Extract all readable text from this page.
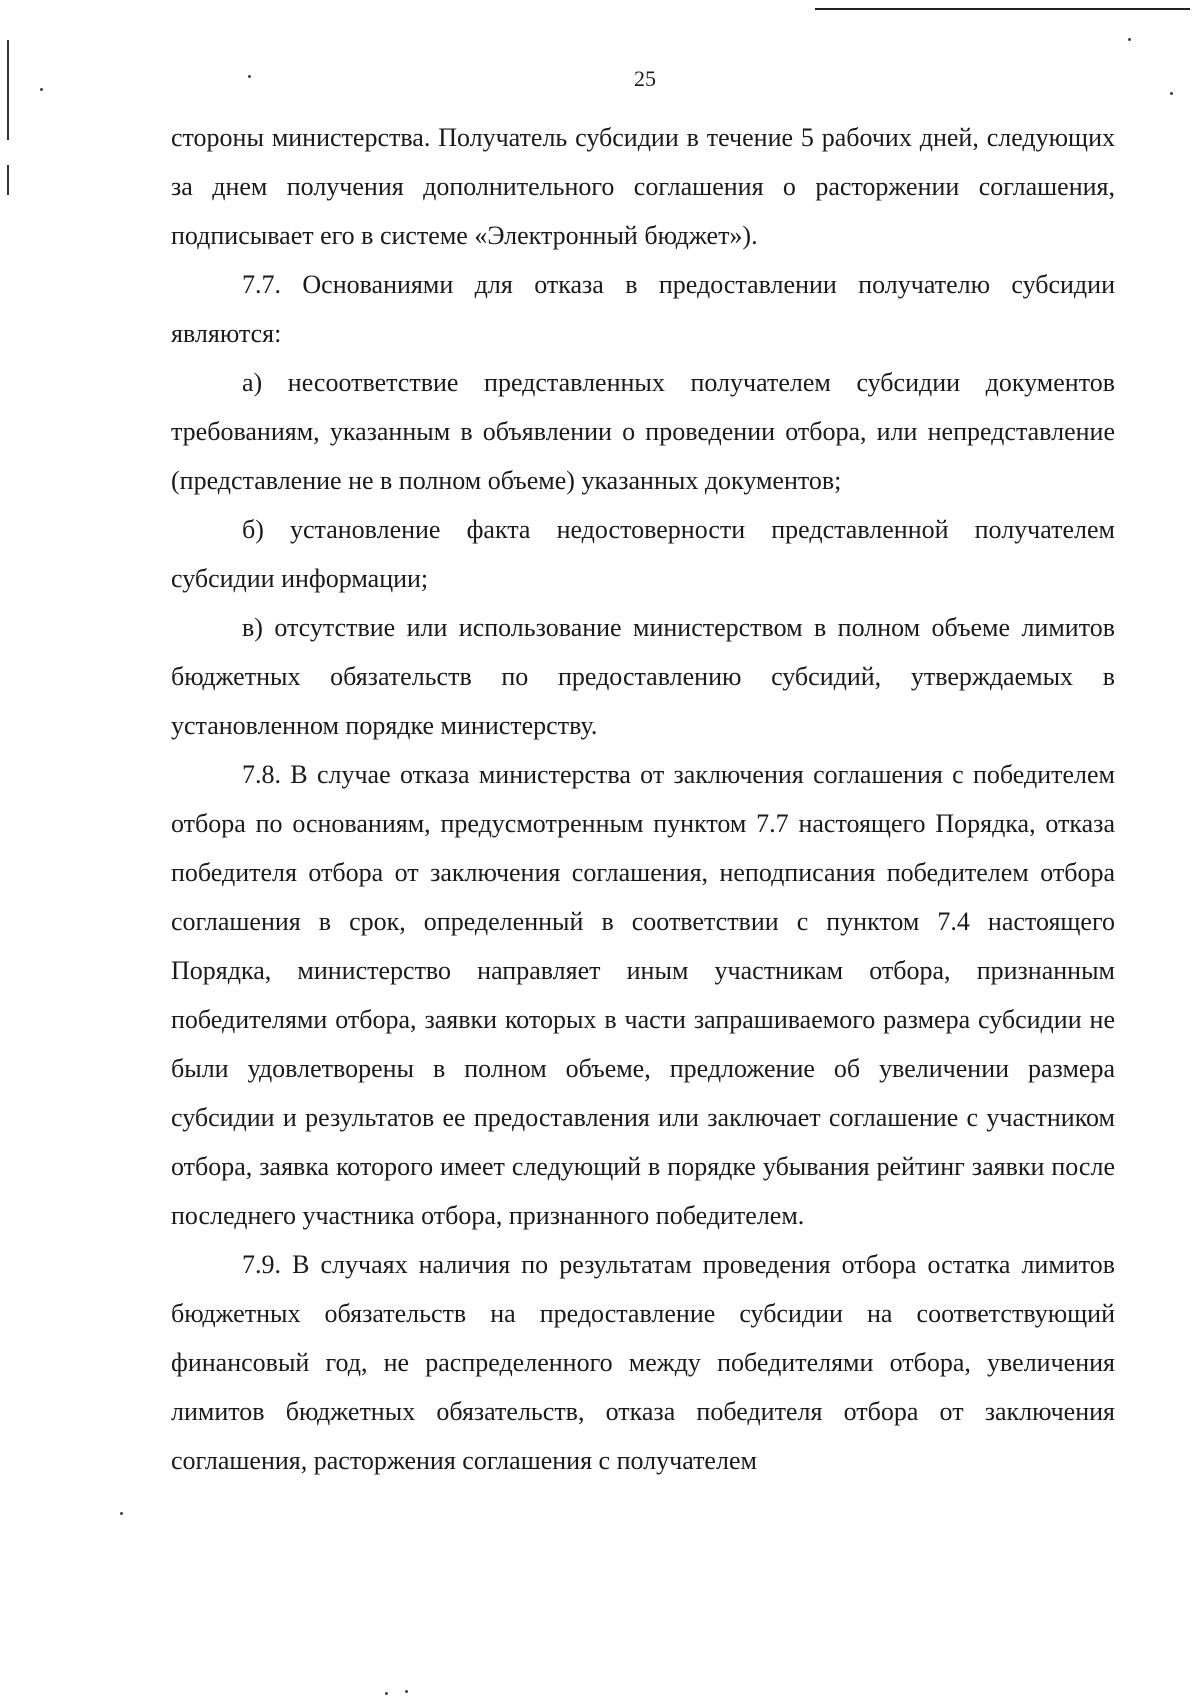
25

стороны министерства. Получатель субсидии в течение 5 рабочих дней, следующих за днем получения дополнительного соглашения о расторжении соглашения, подписывает его в системе «Электронный бюджет»).

7.7. Основаниями для отказа в предоставлении получателю субсидии являются:

а) несоответствие представленных получателем субсидии документов требованиям, указанным в объявлении о проведении отбора, или непредставление (представление не в полном объеме) указанных документов;

б) установление факта недостоверности представленной получателем субсидии информации;

в) отсутствие или использование министерством в полном объеме лимитов бюджетных обязательств по предоставлению субсидий, утверждаемых в установленном порядке министерству.

7.8. В случае отказа министерства от заключения соглашения с победителем отбора по основаниям, предусмотренным пунктом 7.7 настоящего Порядка, отказа победителя отбора от заключения соглашения, неподписания победителем отбора соглашения в срок, определенный в соответствии с пунктом 7.4 настоящего Порядка, министерство направляет иным участникам отбора, признанным победителями отбора, заявки которых в части запрашиваемого размера субсидии не были удовлетворены в полном объеме, предложение об увеличении размера субсидии и результатов ее предоставления или заключает соглашение с участником отбора, заявка которого имеет следующий в порядке убывания рейтинг заявки после последнего участника отбора, признанного победителем.

7.9. В случаях наличия по результатам проведения отбора остатка лимитов бюджетных обязательств на предоставление субсидии на соответствующий финансовый год, не распределенного между победителями отбора, увеличения лимитов бюджетных обязательств, отказа победителя отбора от заключения соглашения, расторжения соглашения с получателем
